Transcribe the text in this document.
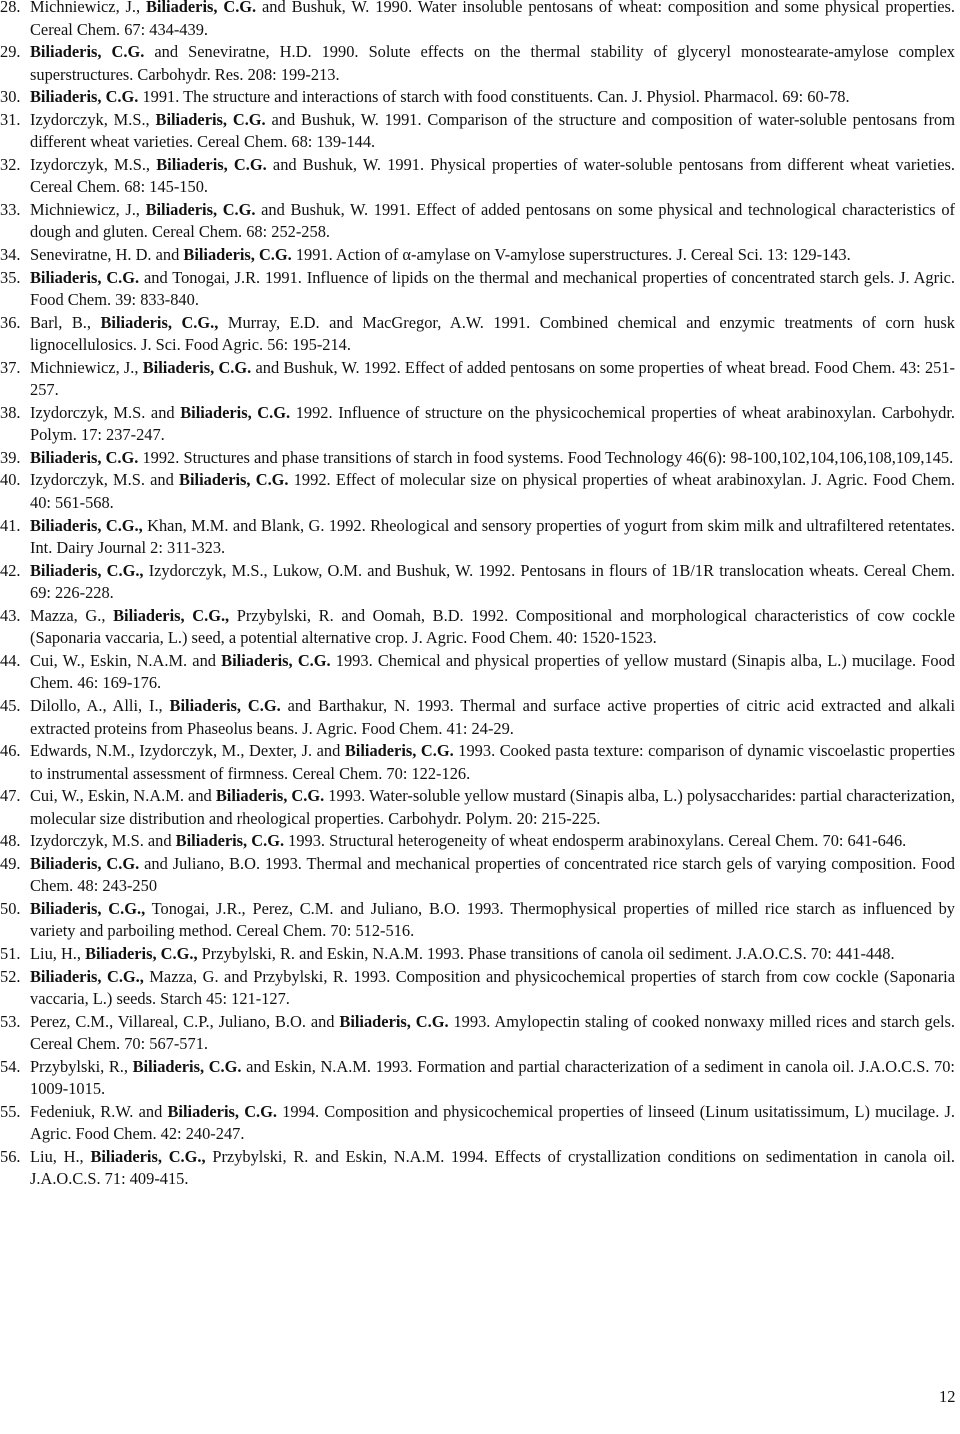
28. Michniewicz, J., Biliaderis, C.G. and Bushuk, W. 1990. Water insoluble pentosans of wheat: composition and some physical properties. Cereal Chem. 67: 434-439.
29. Biliaderis, C.G. and Seneviratne, H.D. 1990. Solute effects on the thermal stability of glyceryl monostearate-amylose complex superstructures. Carbohydr. Res. 208: 199-213.
30. Biliaderis, C.G. 1991. The structure and interactions of starch with food constituents. Can. J. Physiol. Pharmacol. 69: 60-78.
31. Izydorczyk, M.S., Biliaderis, C.G. and Bushuk, W. 1991. Comparison of the structure and composition of water-soluble pentosans from different wheat varieties. Cereal Chem. 68: 139-144.
32. Izydorczyk, M.S., Biliaderis, C.G. and Bushuk, W. 1991. Physical properties of water-soluble pentosans from different wheat varieties. Cereal Chem. 68: 145-150.
33. Michniewicz, J., Biliaderis, C.G. and Bushuk, W. 1991. Effect of added pentosans on some physical and technological characteristics of dough and gluten. Cereal Chem. 68: 252-258.
34. Seneviratne, H. D. and Biliaderis, C.G. 1991. Action of α-amylase on V-amylose superstructures. J. Cereal Sci. 13: 129-143.
35. Biliaderis, C.G. and Tonogai, J.R. 1991. Influence of lipids on the thermal and mechanical properties of concentrated starch gels. J. Agric. Food Chem. 39: 833-840.
36. Barl, B., Biliaderis, C.G., Murray, E.D. and MacGregor, A.W. 1991. Combined chemical and enzymic treatments of corn husk lignocellulosics. J. Sci. Food Agric. 56: 195-214.
37. Michniewicz, J., Biliaderis, C.G. and Bushuk, W. 1992. Effect of added pentosans on some properties of wheat bread. Food Chem. 43: 251-257.
38. Izydorczyk, M.S. and Biliaderis, C.G. 1992. Influence of structure on the physicochemical properties of wheat arabinoxylan. Carbohydr. Polym. 17: 237-247.
39. Biliaderis, C.G. 1992. Structures and phase transitions of starch in food systems. Food Technology 46(6): 98-100,102,104,106,108,109,145.
40. Izydorczyk, M.S. and Biliaderis, C.G. 1992. Effect of molecular size on physical properties of wheat arabinoxylan. J. Agric. Food Chem. 40: 561-568.
41. Biliaderis, C.G., Khan, M.M. and Blank, G. 1992. Rheological and sensory properties of yogurt from skim milk and ultrafiltered retentates. Int. Dairy Journal 2: 311-323.
42. Biliaderis, C.G., Izydorczyk, M.S., Lukow, O.M. and Bushuk, W. 1992. Pentosans in flours of 1B/1R translocation wheats. Cereal Chem. 69: 226-228.
43. Mazza, G., Biliaderis, C.G., Przybylski, R. and Oomah, B.D. 1992. Compositional and morphological characteristics of cow cockle (Saponaria vaccaria, L.) seed, a potential alternative crop. J. Agric. Food Chem. 40: 1520-1523.
44. Cui, W., Eskin, N.A.M. and Biliaderis, C.G. 1993. Chemical and physical properties of yellow mustard (Sinapis alba, L.) mucilage. Food Chem. 46: 169-176.
45. Dilollo, A., Alli, I., Biliaderis, C.G. and Barthakur, N. 1993. Thermal and surface active properties of citric acid extracted and alkali extracted proteins from Phaseolus beans. J. Agric. Food Chem. 41: 24-29.
46. Edwards, N.M., Izydorczyk, M., Dexter, J. and Biliaderis, C.G. 1993. Cooked pasta texture: comparison of dynamic viscoelastic properties to instrumental assessment of firmness. Cereal Chem. 70: 122-126.
47. Cui, W., Eskin, N.A.M. and Biliaderis, C.G. 1993. Water-soluble yellow mustard (Sinapis alba, L.) polysaccharides: partial characterization, molecular size distribution and rheological properties. Carbohydr. Polym. 20: 215-225.
48. Izydorczyk, M.S. and Biliaderis, C.G. 1993. Structural heterogeneity of wheat endosperm arabinoxylans. Cereal Chem. 70: 641-646.
49. Biliaderis, C.G. and Juliano, B.O. 1993. Thermal and mechanical properties of concentrated rice starch gels of varying composition. Food Chem. 48: 243-250
50. Biliaderis, C.G., Tonogai, J.R., Perez, C.M. and Juliano, B.O. 1993. Thermophysical properties of milled rice starch as influenced by variety and parboiling method. Cereal Chem. 70: 512-516.
51. Liu, H., Biliaderis, C.G., Przybylski, R. and Eskin, N.A.M. 1993. Phase transitions of canola oil sediment. J.A.O.C.S. 70: 441-448.
52. Biliaderis, C.G., Mazza, G. and Przybylski, R. 1993. Composition and physicochemical properties of starch from cow cockle (Saponaria vaccaria, L.) seeds. Starch 45: 121-127.
53. Perez, C.M., Villareal, C.P., Juliano, B.O. and Biliaderis, C.G. 1993. Amylopectin staling of cooked nonwaxy milled rices and starch gels. Cereal Chem. 70: 567-571.
54. Przybylski, R., Biliaderis, C.G. and Eskin, N.A.M. 1993. Formation and partial characterization of a sediment in canola oil. J.A.O.C.S. 70: 1009-1015.
55. Fedeniuk, R.W. and Biliaderis, C.G. 1994. Composition and physicochemical properties of linseed (Linum usitatissimum, L) mucilage. J. Agric. Food Chem. 42: 240-247.
56. Liu, H., Biliaderis, C.G., Przybylski, R. and Eskin, N.A.M. 1994. Effects of crystallization conditions on sedimentation in canola oil. J.A.O.C.S. 71: 409-415.
12
